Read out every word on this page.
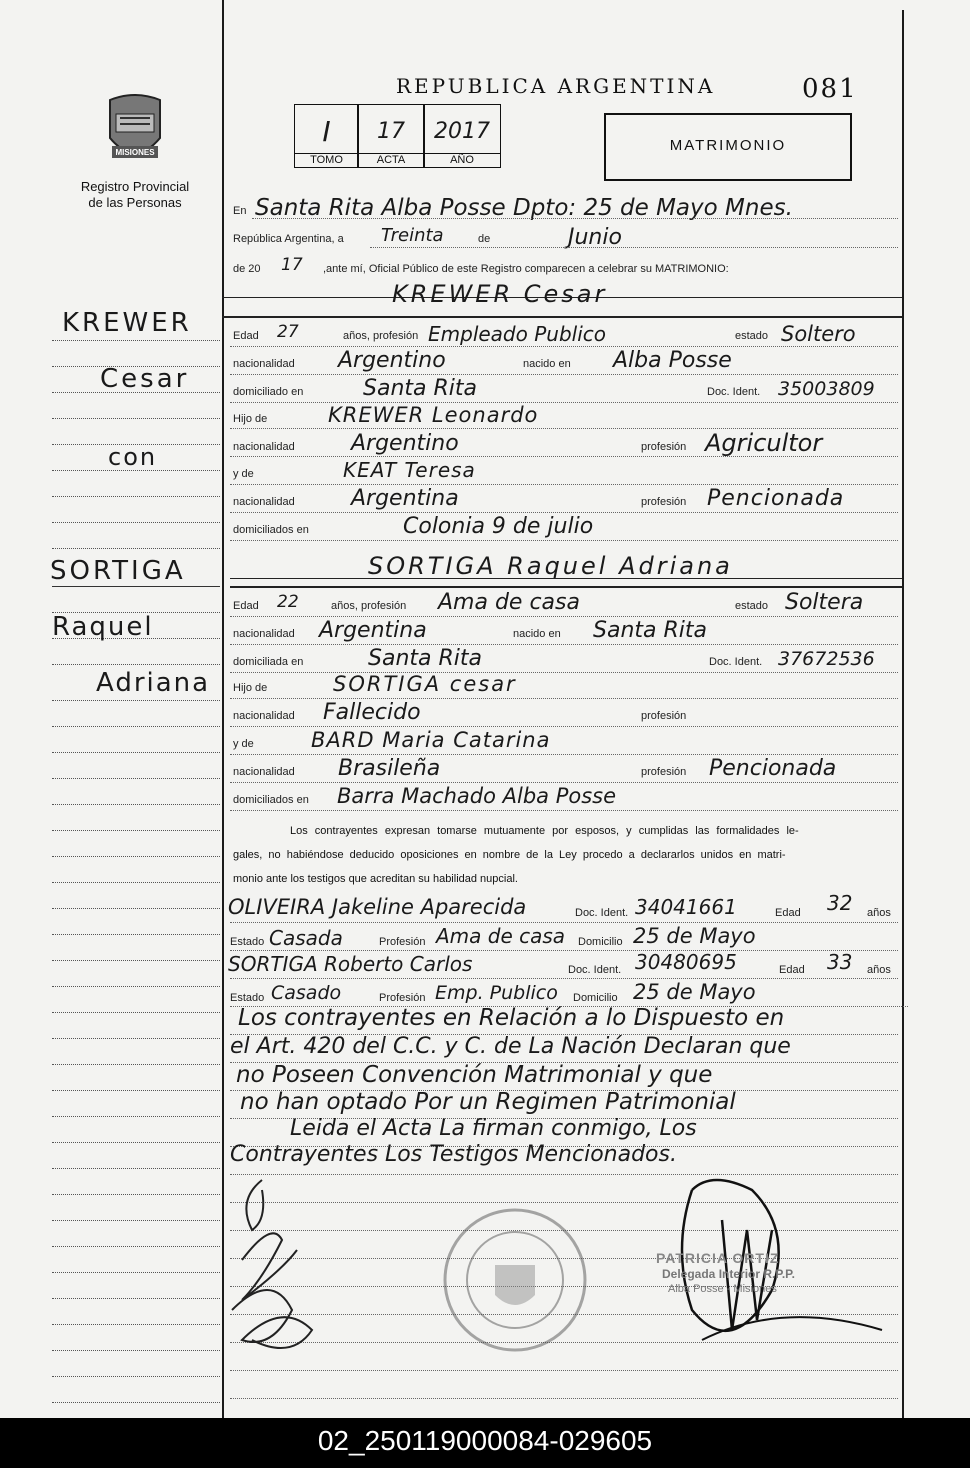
MISIONES
Registro Provincial
de las Personas
REPUBLICA ARGENTINA	081
I
TOMO
17
ACTA
2017
AÑO
MATRIMONIO
En Santa Rita Alba Posse Dpto: 25 de Mayo Mnes.
República Argentina, a Treinta	de	Junio
de 20 17 ,ante mí, Oficial Público de este Registro comparecen a celebrar su MATRIMONIO:
KREWER Cesar
Edad 27	años, profesión Empleado Publico	estado Soltero
nacionalidad Argentino	nacido en Alba Posse
domiciliado en	Santa Rita	Doc. Ident. 35003809
Hijo de	KREWER Leonardo
nacionalidad	Argentino	profesión Agricultor
y de	KEAT Teresa
nacionalidad	Argentina	profesión Pencionada
domiciliados en	Colonia 9 de julio
SORTIGA Raquel Adriana
Edad 22	años, profesión Ama de casa	estado Soltera
nacionalidad Argentina	nacido en Santa Rita
domiciliada en	Santa Rita	Doc. Ident. 37672536
Hijo de	SORTIGA cesar
nacionalidad Fallecido	profesión
y de	BARD Maria Catarina
nacionalidad Brasileña	profesión Pencionada
domiciliados en Barra Machado Alba Posse
Los contrayentes expresan tomarse mutuamente por esposos, y cumplidas las formalidades le-
gales, no habiéndose deducido oposiciones en nombre de la Ley procedo a declararlos unidos en matri-
monio ante los testigos que acreditan su habilidad nupcial.
OLIVEIRA Jakeline Aparecida	Doc. Ident. 34041661	Edad 32 años
Estado Casada	Profesión Ama de casa Domicilio 25 de Mayo
SORTIGA Roberto Carlos	Doc. Ident. 30480695	Edad 33 años
Estado Casado	Profesión Emp. Publico Domicilio 25 de Mayo
Los contrayentes en Relación a lo Dispuesto en
el Art. 420 del C.C. y C. de La Nación Declaran que
no Poseen Convención Matrimonial y que
no han optado Por un Regimen Patrimonial
Leida el Acta La firman conmigo, Los
Contrayentes Los Testigos Mencionados.
PATRICIA ORTIZ
Delegada Interior R.P.P.
Alba Posse - Misiones
KREWER
Cesar
con
SORTIGA
Raquel
Adriana
02_250119000084-029605
